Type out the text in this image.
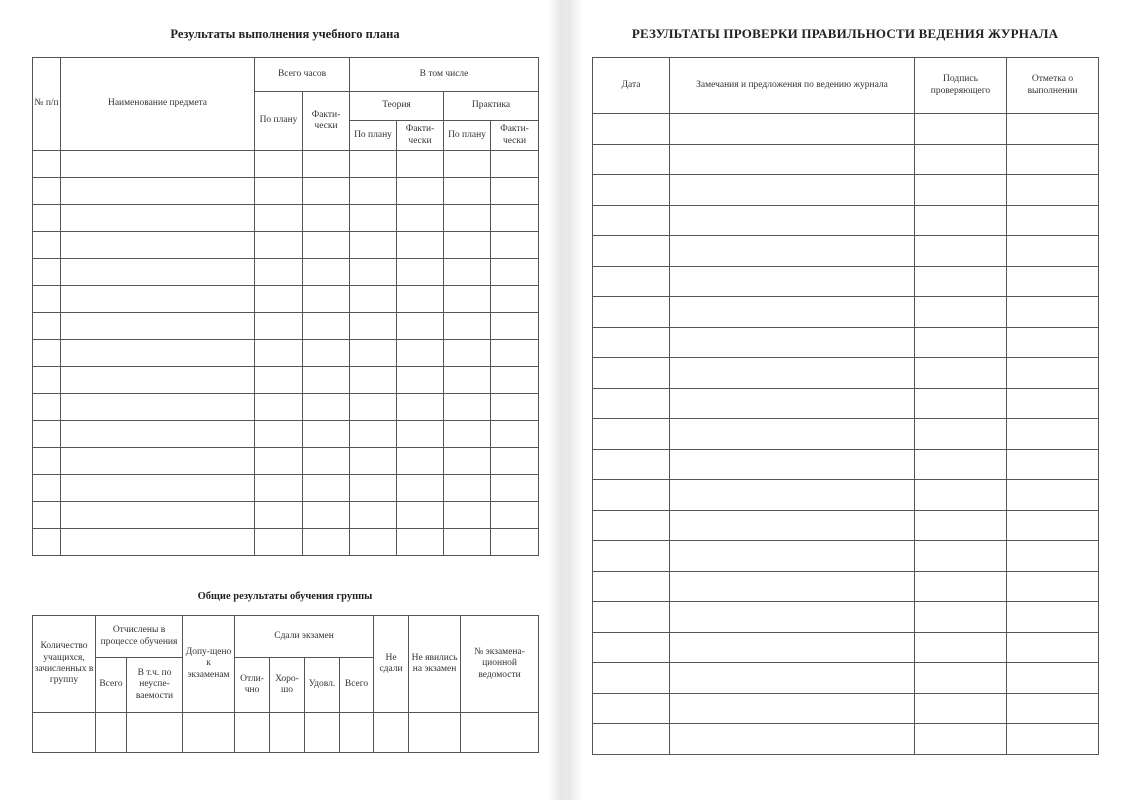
Результаты выполнения учебного плана
№ п/п	Наименование предмета	Всего часов		В том числе			
		По плану	Факти-чески	Теория		Практика	
				По плану	Факти-чески	По плану	Факти-чески

Общие результаты обучения группы
Количество учащихся, зачисленных в группу	Отчислены в процессе обучения		Допу-щено к экзаменам	Сдали экзамен				Не сдали	Не явились на экзамен	№ экзамена-ционной ведомости
	Всего	В т.ч. по неуспе-ваемости		Отли-чно	Хоро-шо	Удовл.	Всего			

РЕЗУЛЬТАТЫ ПРОВЕРКИ ПРАВИЛЬНОСТИ ВЕДЕНИЯ ЖУРНАЛА
Дата	Замечания и предложения по ведению журнала	Подпись проверяющего	Отметка о выполнении
